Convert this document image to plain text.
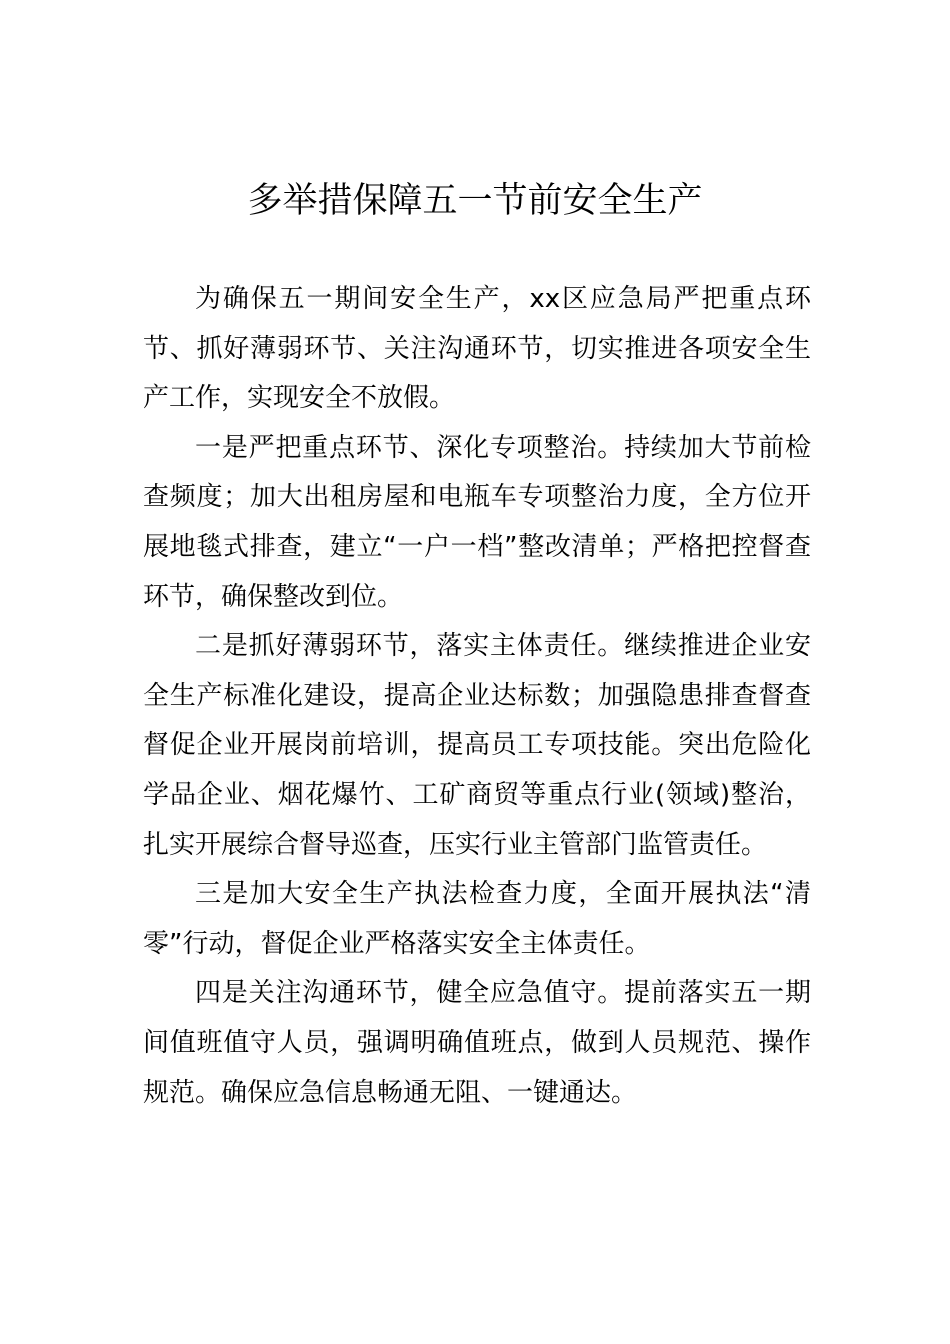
多举措保障五一节前安全生产

为确保五一期间安全生产，xx区应急局严把重点环节、抓好薄弱环节、关注沟通环节，切实推进各项安全生产工作，实现安全不放假。

一是严把重点环节、深化专项整治。持续加大节前检查频度；加大出租房屋和电瓶车专项整治力度，全方位开展地毯式排查，建立“一户一档”整改清单；严格把控督查环节，确保整改到位。

二是抓好薄弱环节，落实主体责任。继续推进企业安全生产标准化建设，提高企业达标数；加强隐患排查督查督促企业开展岗前培训，提高员工专项技能。突出危险化学品企业、烟花爆竹、工矿商贸等重点行业(领域)整治，扎实开展综合督导巡查，压实行业主管部门监管责任。

三是加大安全生产执法检查力度，全面开展执法“清零”行动，督促企业严格落实安全主体责任。

四是关注沟通环节，健全应急值守。提前落实五一期间值班值守人员，强调明确值班点，做到人员规范、操作规范。确保应急信息畅通无阻、一键通达。
